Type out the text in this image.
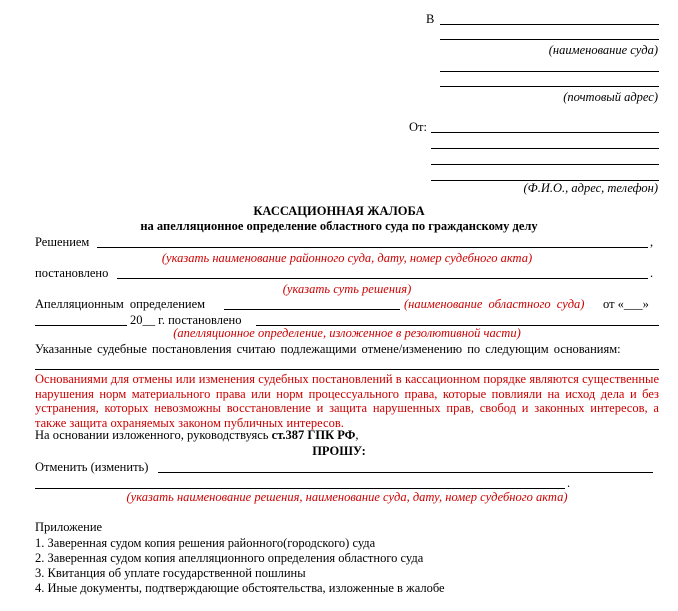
В
(наименование суда)
(почтовый адрес)
От:
(Ф.И.О., адрес, телефон)
КАССАЦИОННАЯ ЖАЛОБА
на апелляционное определение областного суда по гражданскому делу
Решением	,
(указать наименование районного суда, дату, номер судебного акта)
постановлено	.
(указать суть решения)
Апелляционным определением	(наименование областного суда) от «___»
20__ г. постановлено
(апелляционное определение, изложенное в резолютивной части)
Указанные судебные постановления считаю подлежащими отмене/изменению по следующим основаниям:
Основаниями для отмены или изменения судебных постановлений в кассационном порядке являются существенные нарушения норм материального права или норм процессуального права, которые повлияли на исход дела и без устранения, которых невозможны восстановление и защита нарушенных прав, свобод и законных интересов, а также защита охраняемых законом публичных интересов.
На основании изложенного, руководствуясь ст.387 ГПК РФ,
ПРОШУ:
Отменить (изменить)
.
(указать наименование решения, наименование суда, дату, номер судебного акта)
Приложение
1. Заверенная судом копия решения районного(городского) суда
2. Заверенная судом копия апелляционного определения областного суда
3. Квитанция об уплате государственной пошлины
4. Иные документы, подтверждающие обстоятельства, изложенные в жалобе
